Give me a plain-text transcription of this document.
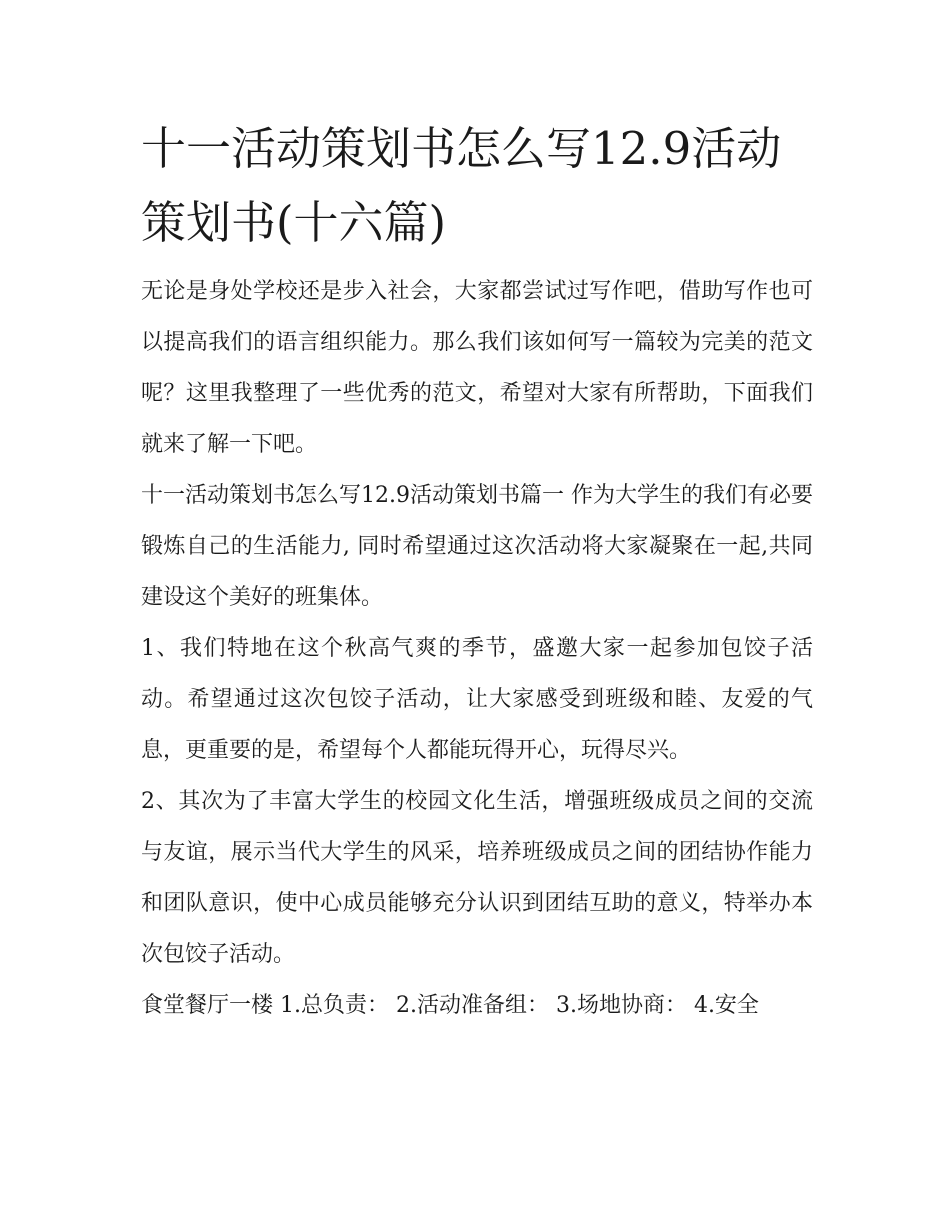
十一活动策划书怎么写12.9活动策划书(十六篇)

无论是身处学校还是步入社会，大家都尝试过写作吧，借助写作也可以提高我们的语言组织能力。那么我们该如何写一篇较为完美的范文呢？这里我整理了一些优秀的范文，希望对大家有所帮助，下面我们就来了解一下吧。

十一活动策划书怎么写12.9活动策划书篇一 作为大学生的我们有必要锻炼自己的生活能力, 同时希望通过这次活动将大家凝聚在一起,共同建设这个美好的班集体。

1、我们特地在这个秋高气爽的季节，盛邀大家一起参加包饺子活动。希望通过这次包饺子活动，让大家感受到班级和睦、友爱的气息，更重要的是，希望每个人都能玩得开心，玩得尽兴。

2、其次为了丰富大学生的校园文化生活，增强班级成员之间的交流与友谊，展示当代大学生的风采，培养班级成员之间的团结协作能力和团队意识，使中心成员能够充分认识到团结互助的意义，特举办本次包饺子活动。

食堂餐厅一楼 1.总负责： 2.活动准备组： 3.场地协商： 4.安全
